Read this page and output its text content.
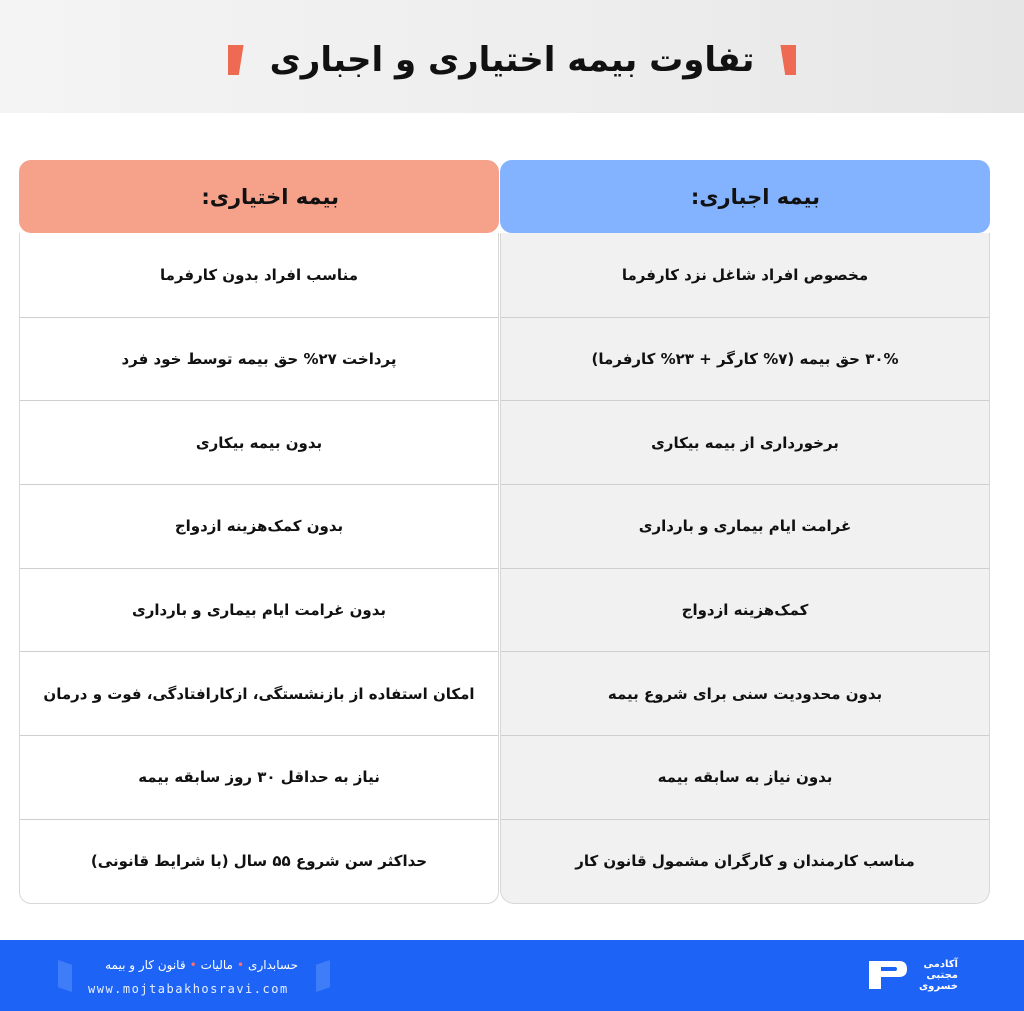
تفاوت بیمه اختیاری و اجباری
بیمه اجباری:
مخصوص افراد شاغل نزد کارفرما
۳۰% حق بیمه (۷% کارگر + ۲۳% کارفرما)
برخورداری از بیمه بیکاری
غرامت ایام بیماری و بارداری
کمک‌هزینه ازدواج
بدون محدودیت سنی برای شروع بیمه
بدون نیاز به سابقه بیمه
مناسب کارمندان و کارگران مشمول قانون کار
بیمه اختیاری:
مناسب افراد بدون کارفرما
پرداخت ۲۷% حق بیمه توسط خود فرد
بدون بیمه بیکاری
بدون کمک‌هزینه ازدواج
بدون غرامت ایام بیماری و بارداری
امکان استفاده از بازنشستگی، ازکارافتادگی، فوت و درمان
نیاز به حداقل ۳۰ روز سابقه بیمه
حداکثر سن شروع ۵۵ سال (با شرایط قانونی)
حسابداری•مالیات•قانون کار و بیمه
www.mojtabakhosravi.com
آکادمی
مجتبی
خسروی
